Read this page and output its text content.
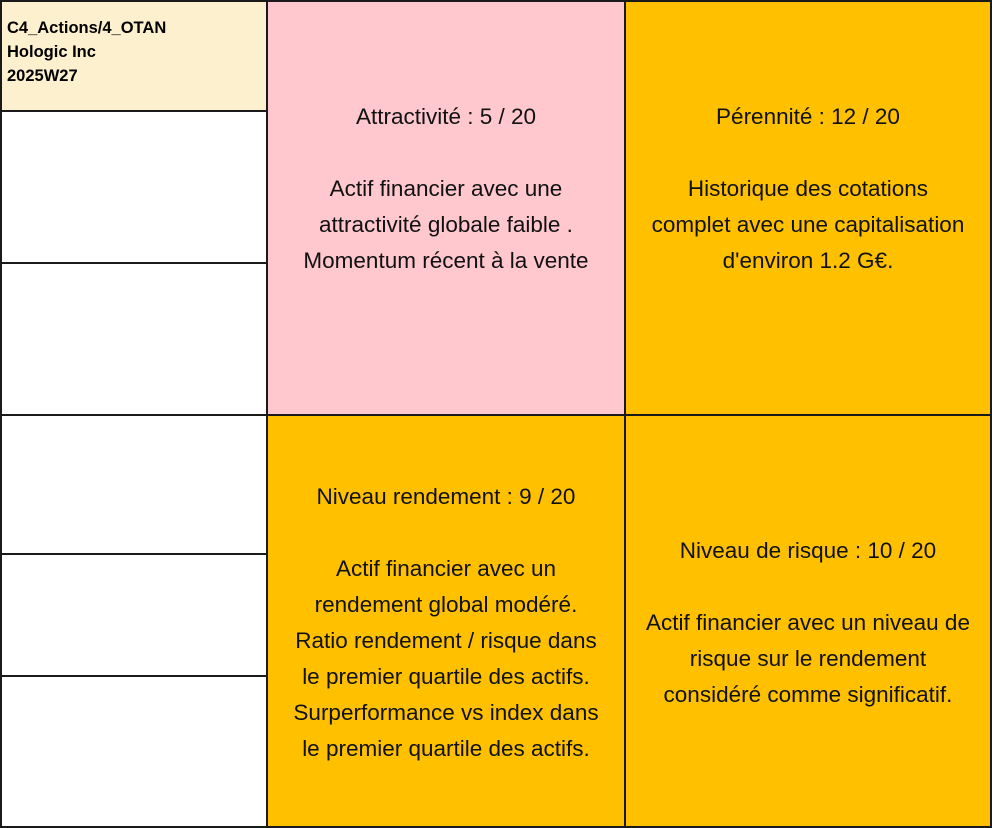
C4_Actions/4_OTAN
Hologic Inc
2025W27
Attractivité : 5 / 20
Actif financier avec une
attractivité globale faible .
Momentum récent à la vente
Pérennité : 12 / 20
Historique des cotations
complet avec une capitalisation
d'environ 1.2 G€.
Niveau rendement : 9 / 20
Actif financier avec un
rendement global modéré.
Ratio rendement / risque dans
le premier quartile des actifs.
Surperformance vs index dans
le premier quartile des actifs.
Niveau de risque : 10 / 20
Actif financier avec un niveau de
risque sur le rendement
considéré comme significatif.
